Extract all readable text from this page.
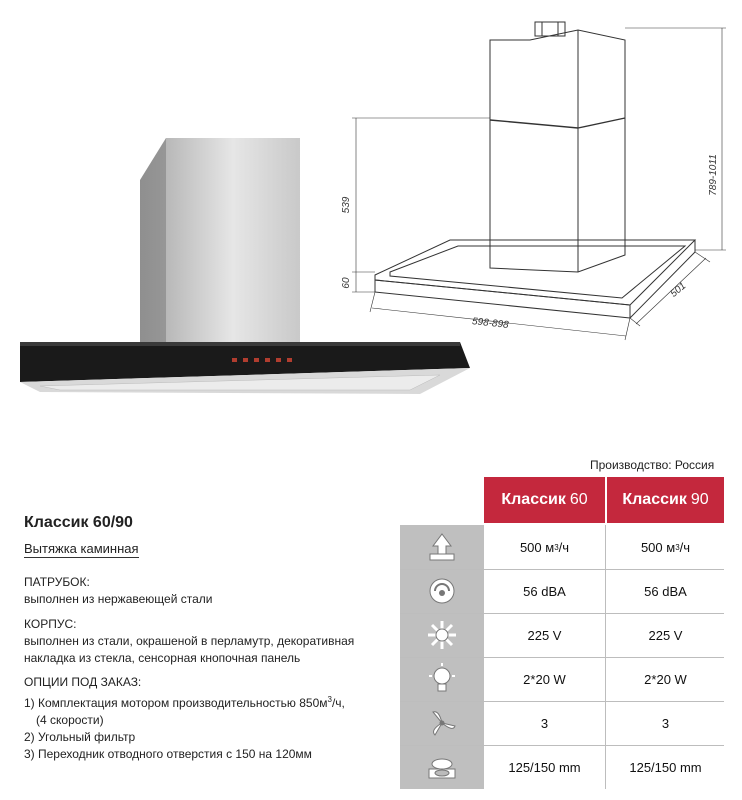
539
60
789-1011
598-898
501
Классик 60/90
Вытяжка каминная

ПАТРУБОК:

выполнен из нержавеющей стали

КОРПУС:

выполнен из стали, окрашеной в перламутр, декоративная

накладка из стекла, сенсорная кнопочная панель

ОПЦИИ ПОД ЗАКАЗ:

1) Комплектация мотором производительностью $850м^3/ч$,

(4 скорости)

2) Угольный фильтр

3) Переходник отводного отверстия с 150 на 120мм

Производство: Россия
Классик 60 Классик 90
500 м 3 /ч
56 dBA
225 V
2*20 W
3
125/150 mm
500 м 3 /ч
56 dBA
225 V
2*20 W
3
125/150 mm
